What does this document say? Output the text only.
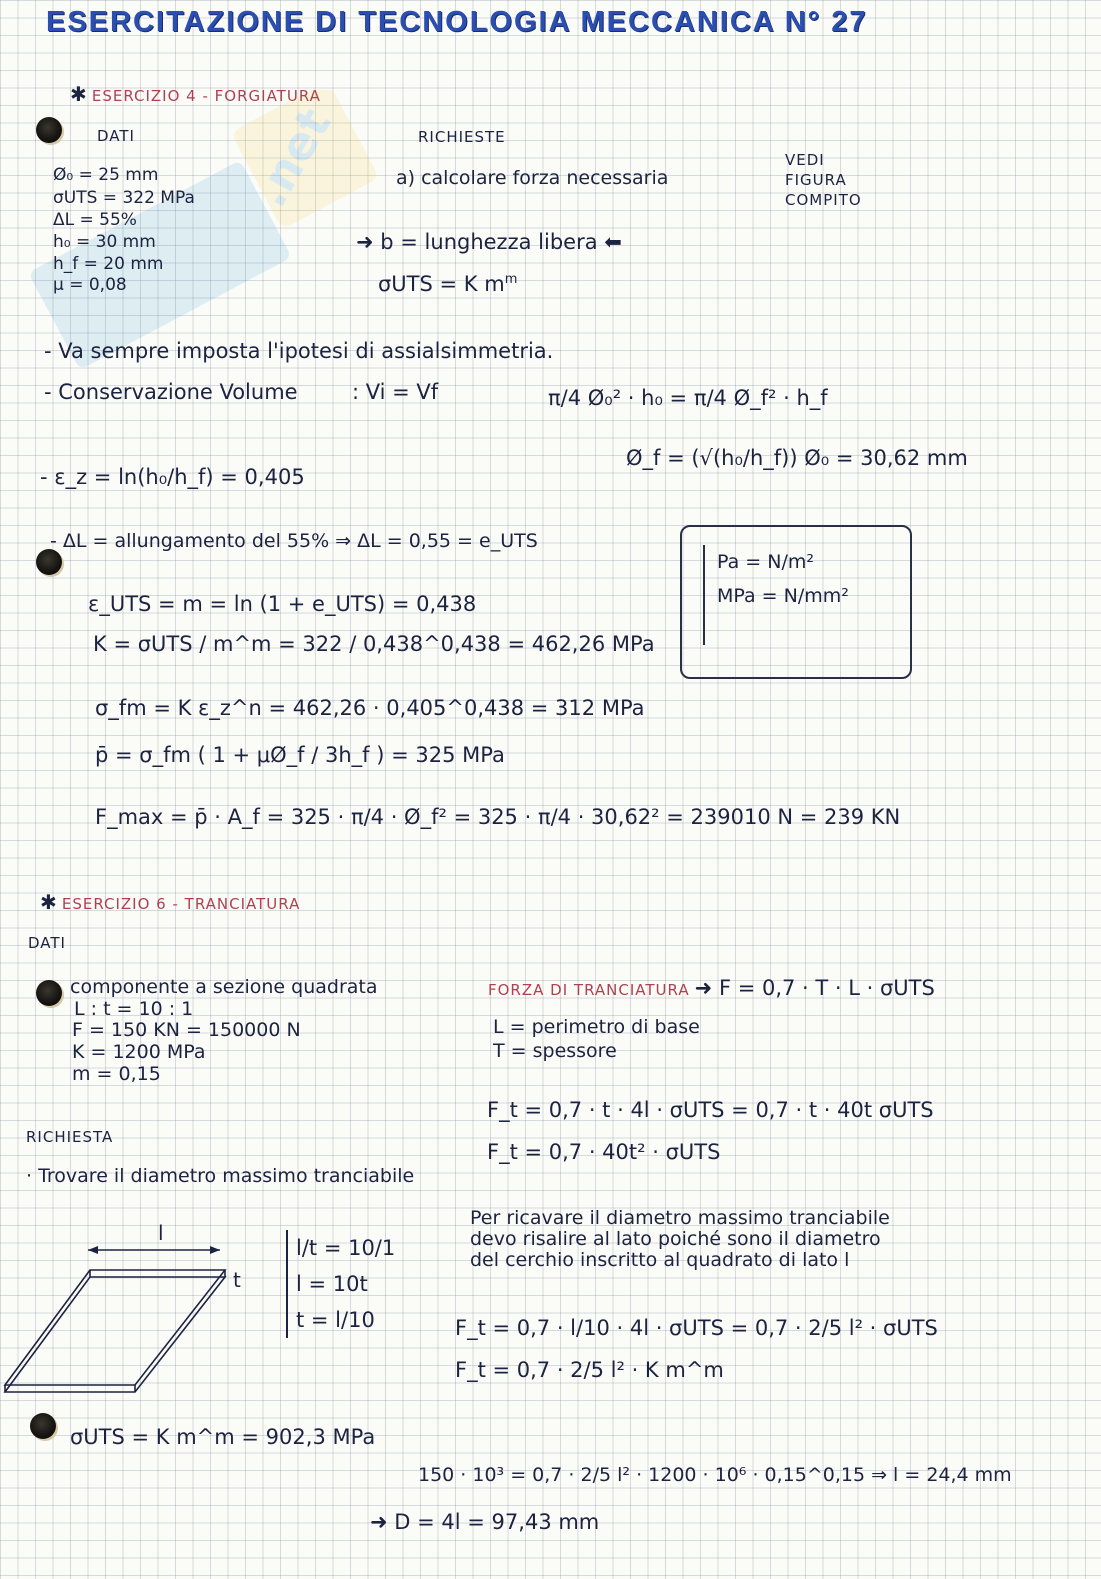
.net
ESERCITAZIONE DI TECNOLOGIA MECCANICA N° 27
✱ ESERCIZIO 4 - FORGIATURA
DATI	RICHIESTE
Ø₀ = 25 mm
σUTS = 322 MPa
ΔL = 55%
h₀ = 30 mm
h_f = 20 mm
μ = 0,08
a) calcolare forza necessaria
VEDI
FIGURA
COMPITO
➜ b = lunghezza libera ⬅
σUTS = K $m^m$
- Va sempre imposta l'ipotesi di assialsimmetria.
- Conservazione Volume	: Vi = Vf	π/4 Ø₀² · h₀ = π/4 Ø_f² · h_f
Ø_f = (√(h₀/h_f)) Ø₀ = 30,62 mm
- ε_z = ln(h₀/h_f) = 0,405
- ΔL = allungamento del 55% ⇒ ΔL = 0,55 = e_UTS
Pa = N/m²
MPa = N/mm²
ε_UTS = m = ln (1 + e_UTS) = 0,438
K = σUTS / m^m = 322 / 0,438^0,438 = 462,26 MPa
σ_fm = K ε_z^n = 462,26 · 0,405^0,438 = 312 MPa
p̄ = σ_fm ( 1 + μØ_f / 3h_f ) = 325 MPa
F_max = p̄ · A_f = 325 · π/4 · Ø_f² = 325 · π/4 · 30,62² = 239010 N = 239 KN
✱ ESERCIZIO 6 - TRANCIATURA
DATI
componente a sezione quadrata
L : t = 10 : 1
F = 150 KN = 150000 N
K = 1200 MPa
m = 0,15
FORZA DI TRANCIATURA ➜ F = 0,7 · T · L · σUTS
L = perimetro di base
T = spessore
F_t = 0,7 · t · 4l · σUTS = 0,7 · t · 40t σUTS
F_t = 0,7 · 40t² · σUTS
RICHIESTA
· Trovare il diametro massimo tranciabile
Per ricavare il diametro massimo tranciabile
devo risalire al lato poiché sono il diametro
del cerchio inscritto al quadrato di lato l
l
t
l/t = 10/1
l = 10t
t = l/10	F_t = 0,7 · l/10 · 4l · σUTS = 0,7 · 2/5 l² · σUTS
F_t = 0,7 · 2/5 l² · K m^m
σUTS = K m^m = 902,3 MPa
150 · 10³ = 0,7 · 2/5 l² · 1200 · 10⁶ · 0,15^0,15 ⇒ l = 24,4 mm
➜ D = 4l = 97,43 mm
